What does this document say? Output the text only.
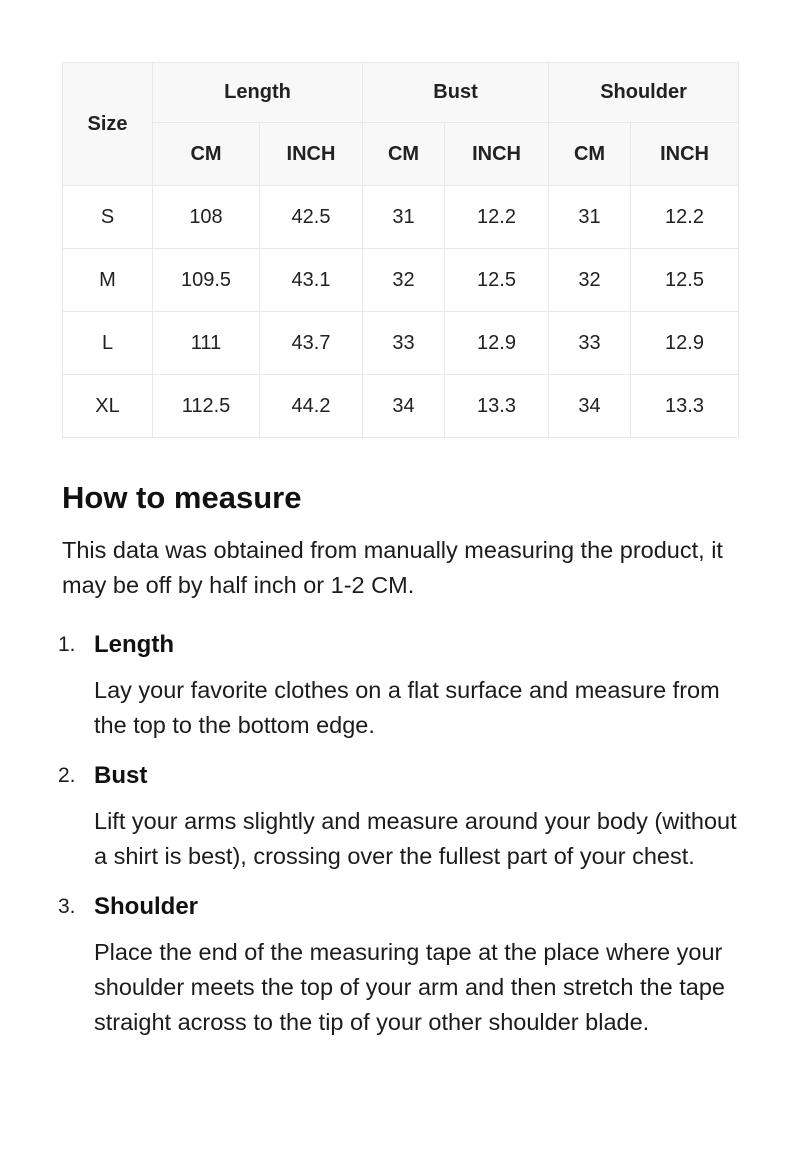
Size	Length		Bust		Shoulder	
	CM	INCH	CM	INCH	CM	INCH
S	108	42.5	31	12.2	31	12.2
M	109.5	43.1	32	12.5	32	12.5
L	111	43.7	33	12.9	33	12.9
XL	112.5	44.2	34	13.3	34	13.3
How to measure

This data was obtained from manually measuring the product, it may be off by half inch or 1-2 CM.

1. Length
Lay your favorite clothes on a flat surface and measure from the top to the bottom edge.
2. Bust
Lift your arms slightly and measure around your body (without a shirt is best), crossing over the fullest part of your chest.
3. Shoulder
Place the end of the measuring tape at the place where your shoulder meets the top of your arm and then stretch the tape straight across to the tip of your other shoulder blade.
